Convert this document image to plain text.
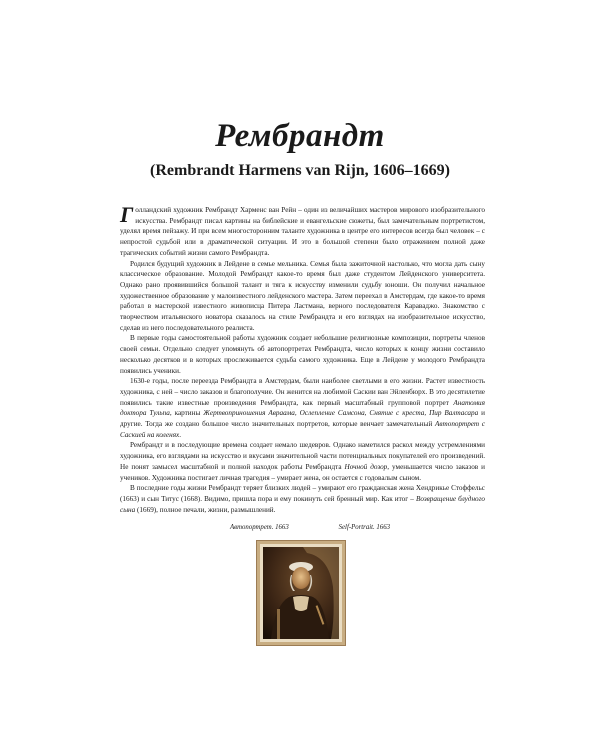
Рембрандт
(Rembrandt Harmens van Rijn, 1606–1669)

Голландский художник Рембрандт Харменс ван Рейн – один из величайших мастеров мирового изобразительного искусства. Рембрандт писал картины на библейские и евангельские сюжеты, был замечательным портретистом, уделял время пейзажу. И при всем многосторонним таланте художника в центре его интересов всегда был человек – с непростой судьбой или в драматической ситуации. И это в большой степени было отражением полной даже трагических событий жизни самого Рембрандта.

Родился будущий художник в Лейдене в семье мельника. Семья была зажиточной настолько, что могла дать сыну классическое образование. Молодой Рембрандт какое-то время был даже студентом Лейденского университета. Однако рано проявившийся большой талант и тяга к искусству изменили судьбу юноши. Он получил начальное художественное образование у малоизвестного лейденского мастера. Затем переехал в Амстердам, где какое-то время работал в мастерской известного живописца Питера Ластмана, верного последователя Караваджо. Знакомство с творчеством итальянского новатора сказалось на стиле Рембрандта и его взглядах на изобразительное искусство, сделав из него последовательного реалиста.

В первые годы самостоятельной работы художник создает небольшие религиозные композиции, портреты членов своей семьи. Отдельно следует упомянуть об автопортретах Рембрандта, число которых к концу жизни составило несколько десятков и в которых прослеживается судьба самого художника. Еще в Лейдене у молодого Рембрандта появились ученики.

1630-е годы, после переезда Рембрандта в Амстердам, были наиболее светлыми в его жизни. Растет известность художника, с ней – число заказов и благополучие. Он женится на любимой Саскии ван Эйленбюрх. В это десятилетие появились такие известные произведения Рембрандта, как первый масштабный групповой портрет Анатомия доктора Тульпа, картины Жертвоприношения Авраама, Ослепление Самсона, Снятие с креста, Пир Валтасара и другие. Тогда же создано большое число значительных портретов, которые венчает замечательный Автопортрет с Саскией на коленях.

Рембрандт и в последующие времена создает немало шедевров. Однако наметился раскол между устремлениями художника, его взглядами на искусство и вкусами значительной части потенциальных покупателей его произведений. Не понят замысел масштабной и полной находок работы Рембрандта Ночной дозор, уменьшается число заказов и учеников. Художника постигает личная трагедия – умирает жена, он остается с годовалым сыном.

В последние годы жизни Рембрандт теряет близких людей – умирают его гражданская жена Хендрикье Стоффельс (1663) и сын Титус (1668). Видимо, пришла пора и ему покинуть сей бренный мир. Как итог – Возвращение блудного сына (1669), полное печали, жизни, размышлений.

Автопортрет. 1663	Self-Portrait. 1663
